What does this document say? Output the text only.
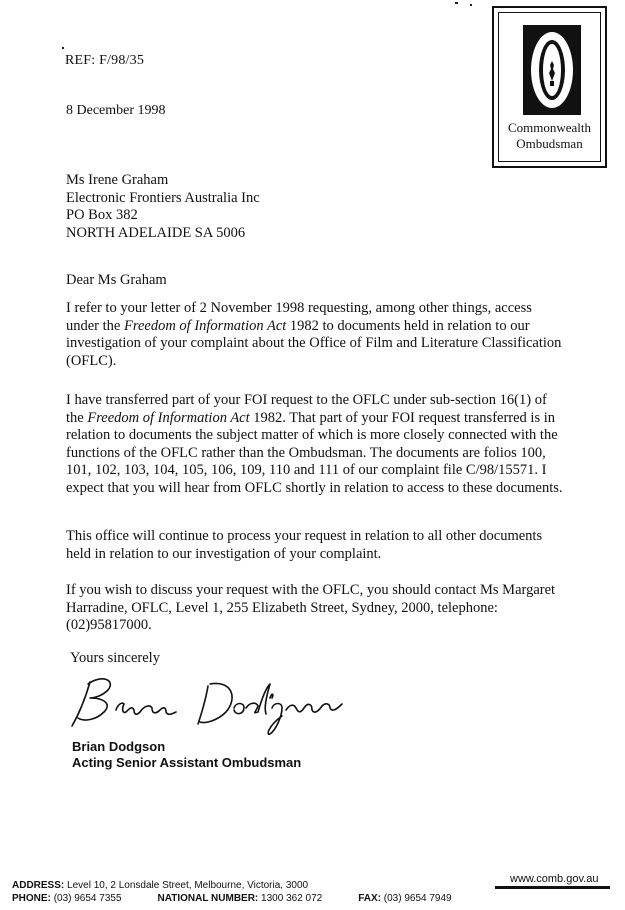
Commonwealth
Ombudsman
REF: F/98/35
8 December 1998
Ms Irene Graham
Electronic Frontiers Australia Inc
PO Box 382
NORTH ADELAIDE SA 5006
Dear Ms Graham
I refer to your letter of 2 November 1998 requesting, among other things, access under the Freedom of Information Act 1982 to documents held in relation to our investigation of your complaint about the Office of Film and Literature Classification (OFLC).
I have transferred part of your FOI request to the OFLC under sub-section 16(1) of the Freedom of Information Act 1982. That part of your FOI request transferred is in relation to documents the subject matter of which is more closely connected with the functions of the OFLC rather than the Ombudsman. The documents are folios 100, 101, 102, 103, 104, 105, 106, 109, 110 and 111 of our complaint file C/98/15571. I expect that you will hear from OFLC shortly in relation to access to these documents.
This office will continue to process your request in relation to all other documents held in relation to our investigation of your complaint.
If you wish to discuss your request with the OFLC, you should contact Ms Margaret Harradine, OFLC, Level 1, 255 Elizabeth Street, Sydney, 2000, telephone: (02)95817000.
Yours sincerely
Brian Dodgson
Acting Senior Assistant Ombudsman
www.comb.gov.au
ADDRESS: Level 10, 2 Lonsdale Street, Melbourne, Victoria, 3000
PHONE: (03) 9654 7355	NATIONAL NUMBER: 1300 362 072	FAX: (03) 9654 7949
